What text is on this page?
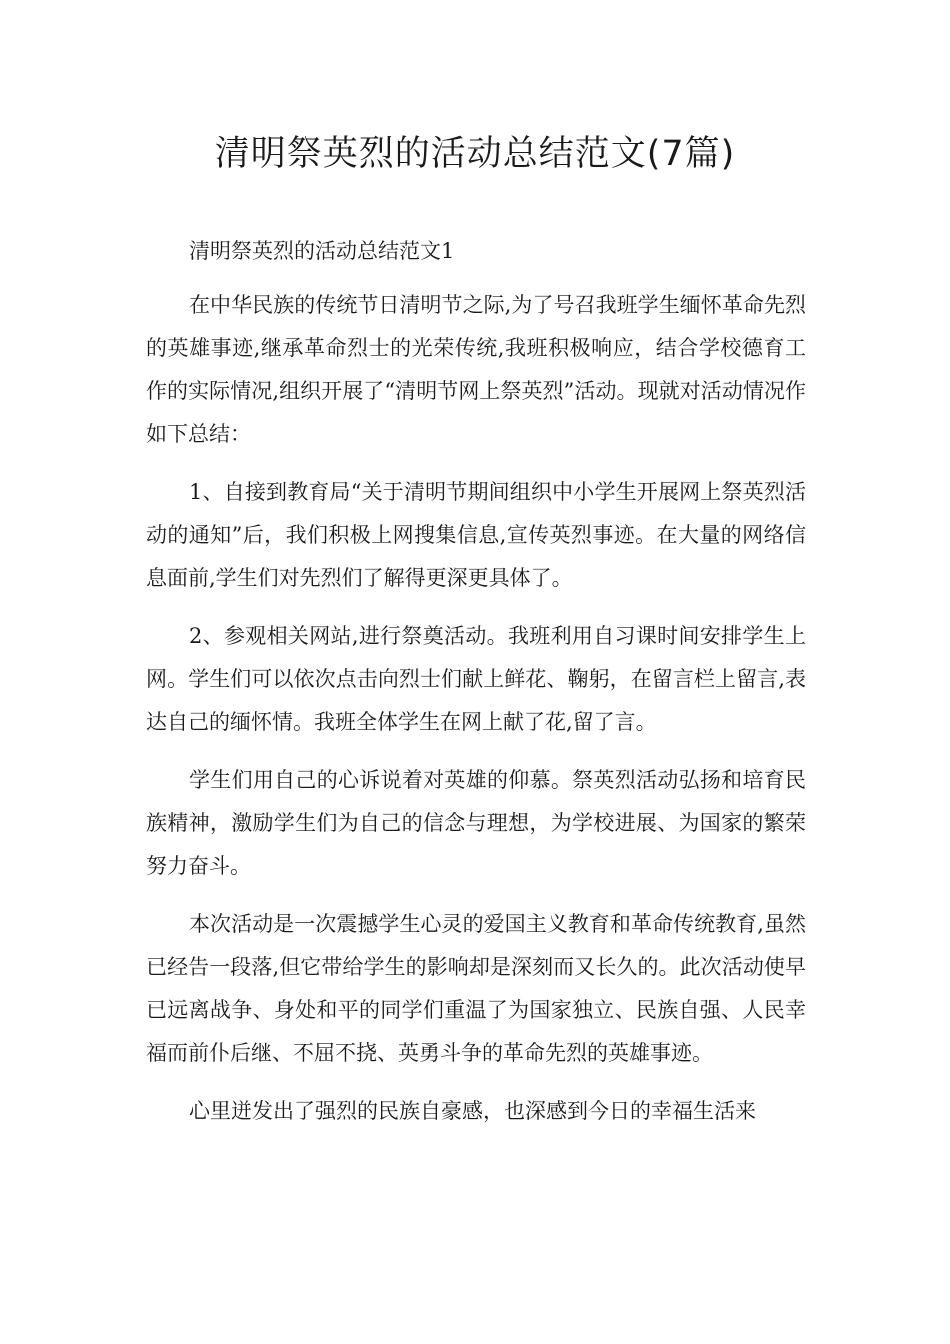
清明祭英烈的活动总结范文(7篇)

清明祭英烈的活动总结范文1

在中华民族的传统节日清明节之际,为了号召我班学生缅怀革命先烈的英雄事迹,继承革命烈士的光荣传统,我班积极响应，结合学校德育工作的实际情况,组织开展了“清明节网上祭英烈”活动。现就对活动情况作如下总结：

1、自接到教育局“关于清明节期间组织中小学生开展网上祭英烈活动的通知”后，我们积极上网搜集信息,宣传英烈事迹。在大量的网络信息面前,学生们对先烈们了解得更深更具体了。

2、参观相关网站,进行祭奠活动。我班利用自习课时间安排学生上网。学生们可以依次点击向烈士们献上鲜花、鞠躬，在留言栏上留言,表达自己的缅怀情。我班全体学生在网上献了花,留了言。

学生们用自己的心诉说着对英雄的仰慕。祭英烈活动弘扬和培育民族精神，激励学生们为自己的信念与理想，为学校进展、为国家的繁荣努力奋斗。

本次活动是一次震撼学生心灵的爱国主义教育和革命传统教育,虽然已经告一段落,但它带给学生的影响却是深刻而又长久的。此次活动使早已远离战争、身处和平的同学们重温了为国家独立、民族自强、人民幸福而前仆后继、不屈不挠、英勇斗争的革命先烈的英雄事迹。

心里迸发出了强烈的民族自豪感，也深感到今日的幸福生活来
